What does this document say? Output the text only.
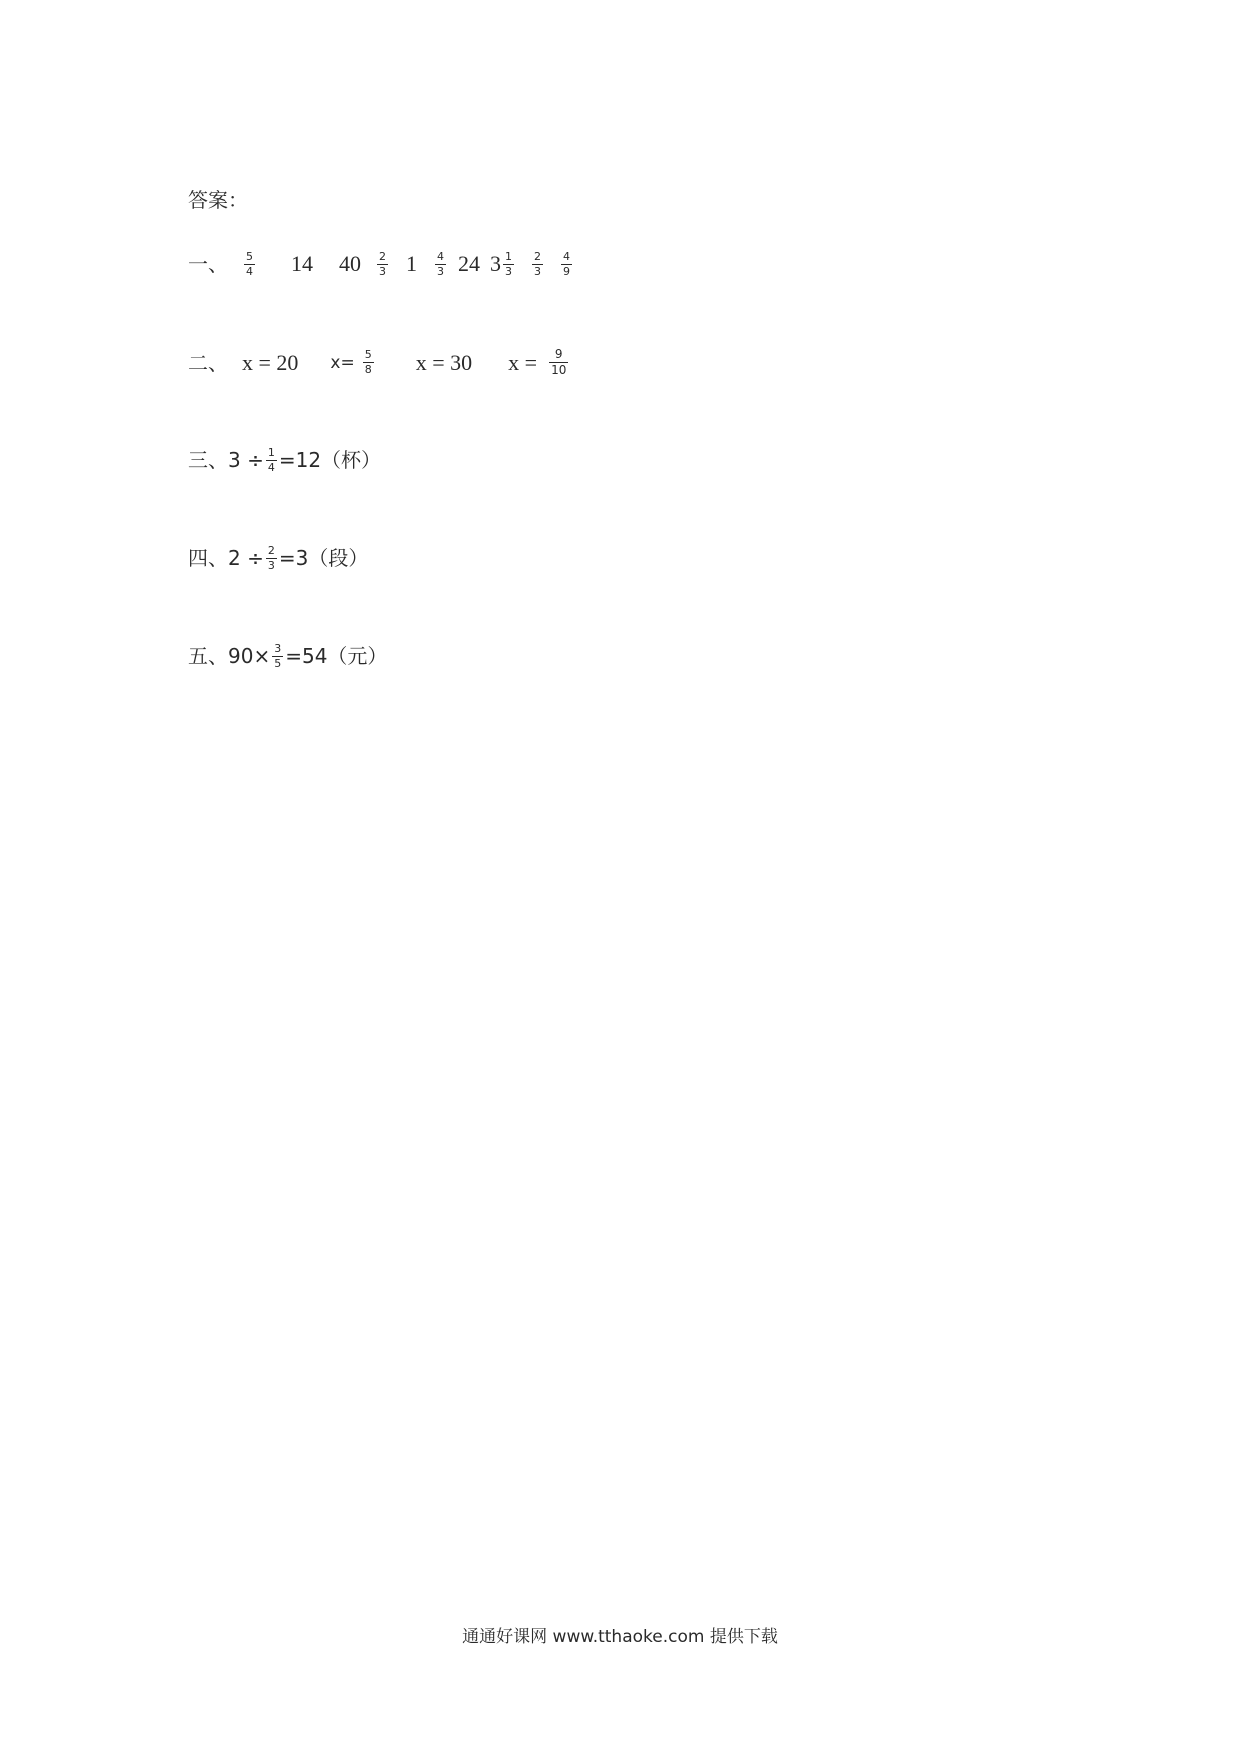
答案：
一、 $\frac{5}{4} 14$ $40 \frac{2}{3} 1 \frac{4}{3} 24$ $3 \frac{1}{3} \frac{2}{3} \frac{4}{9}$
二、 x = 20 $x= \frac{5}{8}$ x = 30 $x = \frac{9}{10}$
三、 $3 \div \frac{1}{4} =12$（杯）
四、 $2 \div \frac{2}{3} =3$（段）
五、 $90\times \frac{3}{5} =54$（元）
通通好课网 www.tthaoke.com 提供下载
